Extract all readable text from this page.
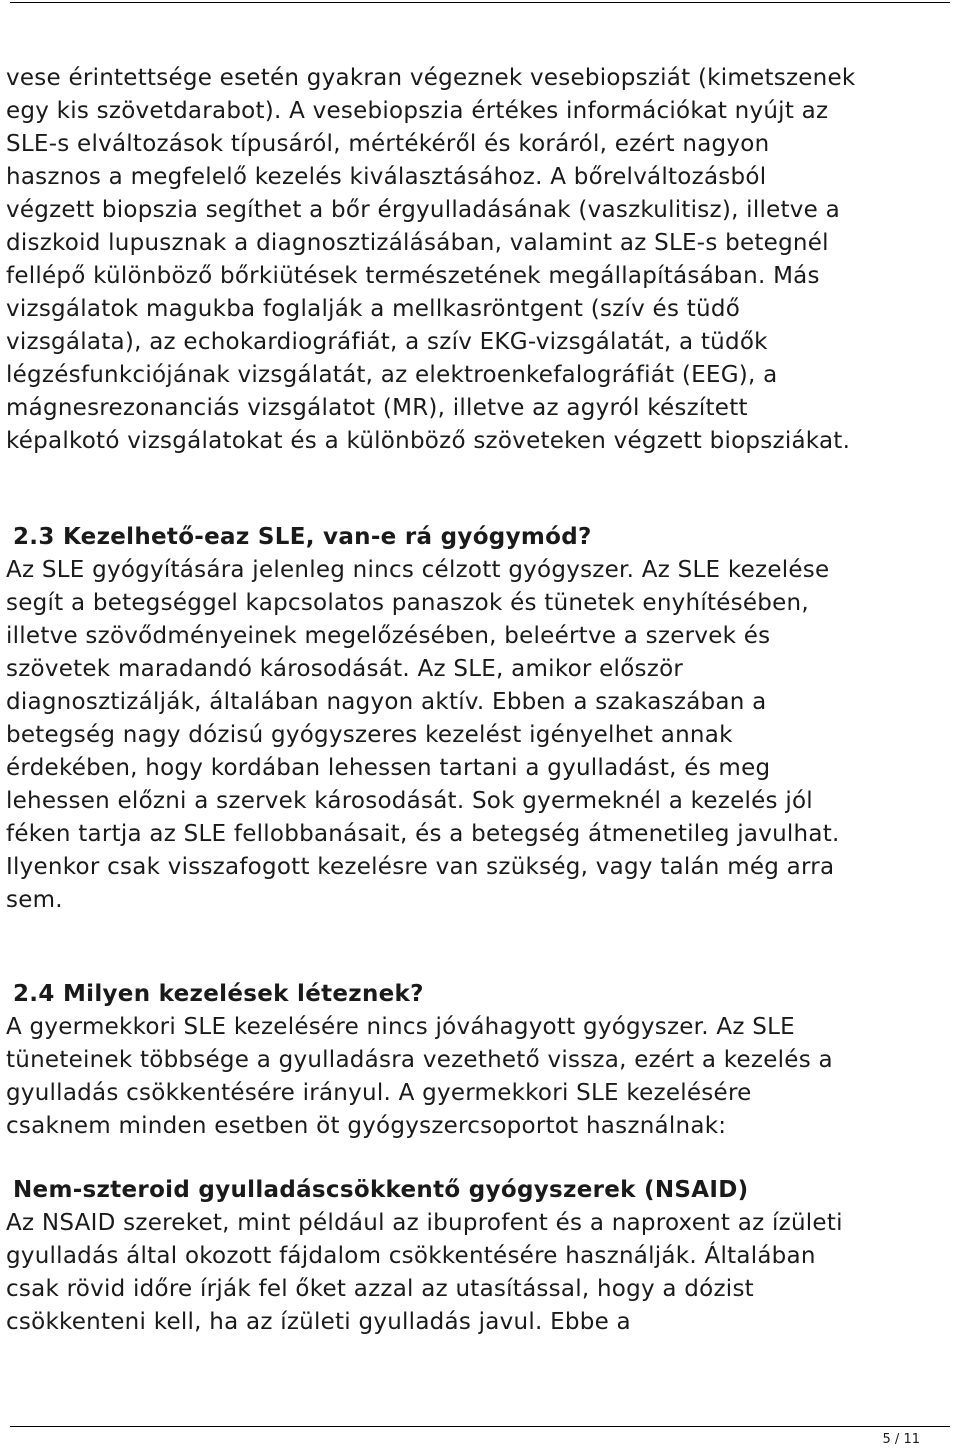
vese érintettsége esetén gyakran végeznek vesebiopsziát (kimetszenek
egy kis szövetdarabot). A vesebiopszia értékes információkat nyújt az
SLE-s elváltozások típusáról, mértékéről és koráról, ezért nagyon
hasznos a megfelelő kezelés kiválasztásához. A bőrelváltozásból
végzett biopszia segíthet a bőr érgyulladásának (vaszkulitisz), illetve a
diszkoid lupusznak a diagnosztizálásában, valamint az SLE-s betegnél
fellépő különböző bőrkiütések természetének megállapításában. Más
vizsgálatok magukba foglalják a mellkasröntgent (szív és tüdő
vizsgálata), az echokardiográfiát, a szív EKG-vizsgálatát, a tüdők
légzésfunkciójának vizsgálatát, az elektroenkefalográfiát (EEG), a
mágnesrezonanciás vizsgálatot (MR), illetve az agyról készített
képalkotó vizsgálatokat és a különböző szöveteken végzett biopsziákat.
2.3 Kezelhető-eaz SLE, van-e rá gyógymód?
Az SLE gyógyítására jelenleg nincs célzott gyógyszer. Az SLE kezelése
segít a betegséggel kapcsolatos panaszok és tünetek enyhítésében,
illetve szövődményeinek megelőzésében, beleértve a szervek és
szövetek maradandó károsodását. Az SLE, amikor először
diagnosztizálják, általában nagyon aktív. Ebben a szakaszában a
betegség nagy dózisú gyógyszeres kezelést igényelhet annak
érdekében, hogy kordában lehessen tartani a gyulladást, és meg
lehessen előzni a szervek károsodását. Sok gyermeknél a kezelés jól
féken tartja az SLE fellobbanásait, és a betegség átmenetileg javulhat.
Ilyenkor csak visszafogott kezelésre van szükség, vagy talán még arra
sem.
2.4 Milyen kezelések léteznek?
A gyermekkori SLE kezelésére nincs jóváhagyott gyógyszer. Az SLE
tüneteinek többsége a gyulladásra vezethető vissza, ezért a kezelés a
gyulladás csökkentésére irányul. A gyermekkori SLE kezelésére
csaknem minden esetben öt gyógyszercsoportot használnak:
Nem-szteroid gyulladáscsökkentő gyógyszerek (NSAID)
Az NSAID szereket, mint például az ibuprofent és a naproxent az ízületi
gyulladás által okozott fájdalom csökkentésére használják. Általában
csak rövid időre írják fel őket azzal az utasítással, hogy a dózist
csökkenteni kell, ha az ízületi gyulladás javul. Ebbe a
5 / 11
